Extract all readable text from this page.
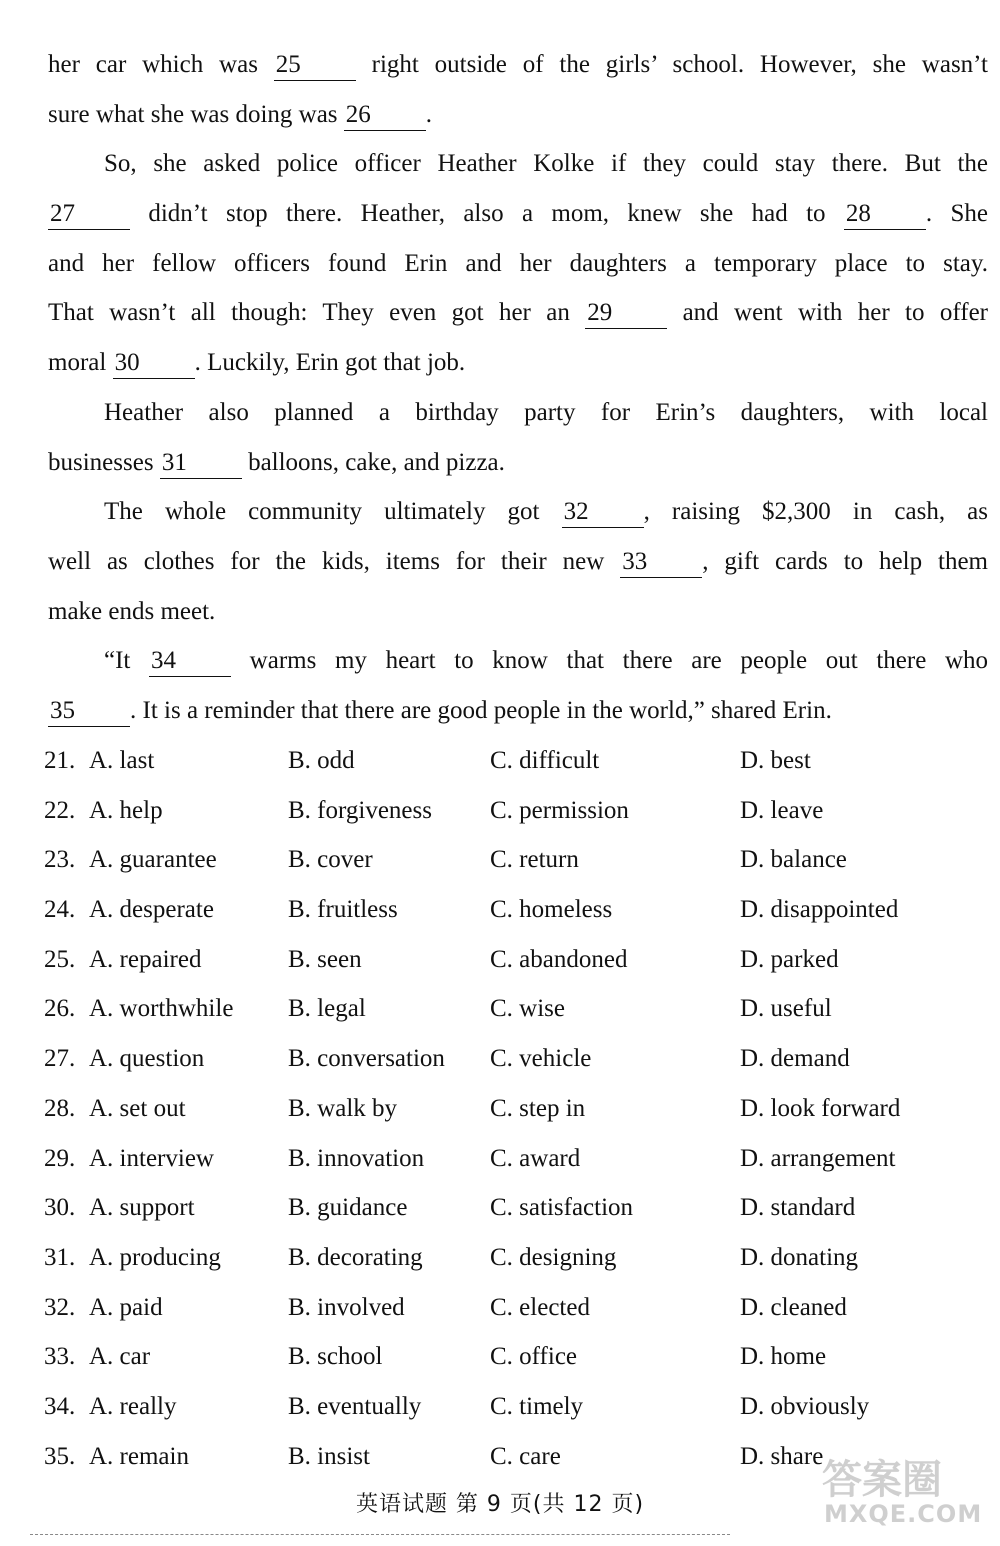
her car which was 25 right outside of the girls’ school. However, she wasn’t
sure what she was doing was 26 .
So, she asked police officer Heather Kolke if they could stay there. But the
27 didn’t stop there. Heather, also a mom, knew she had to 28 . She
and her fellow officers found Erin and her daughters a temporary place to stay.
That wasn’t all though: They even got her an 29 and went with her to offer
moral 30 . Luckily, Erin got that job.
Heather also planned a birthday party for Erin’s daughters, with local
businesses 31 balloons, cake, and pizza.
The whole community ultimately got 32 , raising $2,300 in cash, as
well as clothes for the kids, items for their new 33 , gift cards to help them
make ends meet.
“It 34 warms my heart to know that there are people out there who
35 . It is a reminder that there are good people in the world,” shared Erin.
21. A. last	B. odd	C. difficult	D. best
22. A. help	B. forgiveness C. permission	D. leave
23. A. guarantee	B. cover	C. return	D. balance
24. A. desperate	B. fruitless	C. homeless	D. disappointed
25. A. repaired	B. seen	C. abandoned	D. parked
26. A. worthwhile B. legal	C. wise	D. useful
27. A. question	B. conversation C. vehicle	D. demand
28. A. set out	B. walk by	C. step in	D. look forward
29. A. interview	B. innovation	C. award	D. arrangement
30. A. support	B. guidance	C. satisfaction	D. standard
31. A. producing	B. decorating	C. designing	D. donating
32. A. paid	B. involved	C. elected	D. cleaned
33. A. car	B. school	C. office	D. home
34. A. really	B. eventually	C. timely	D. obviously
35. A. remain	B. insist	C. care	D. share
英语试题 第 9 页(共 12 页)
答案圈
MXQE.COM
